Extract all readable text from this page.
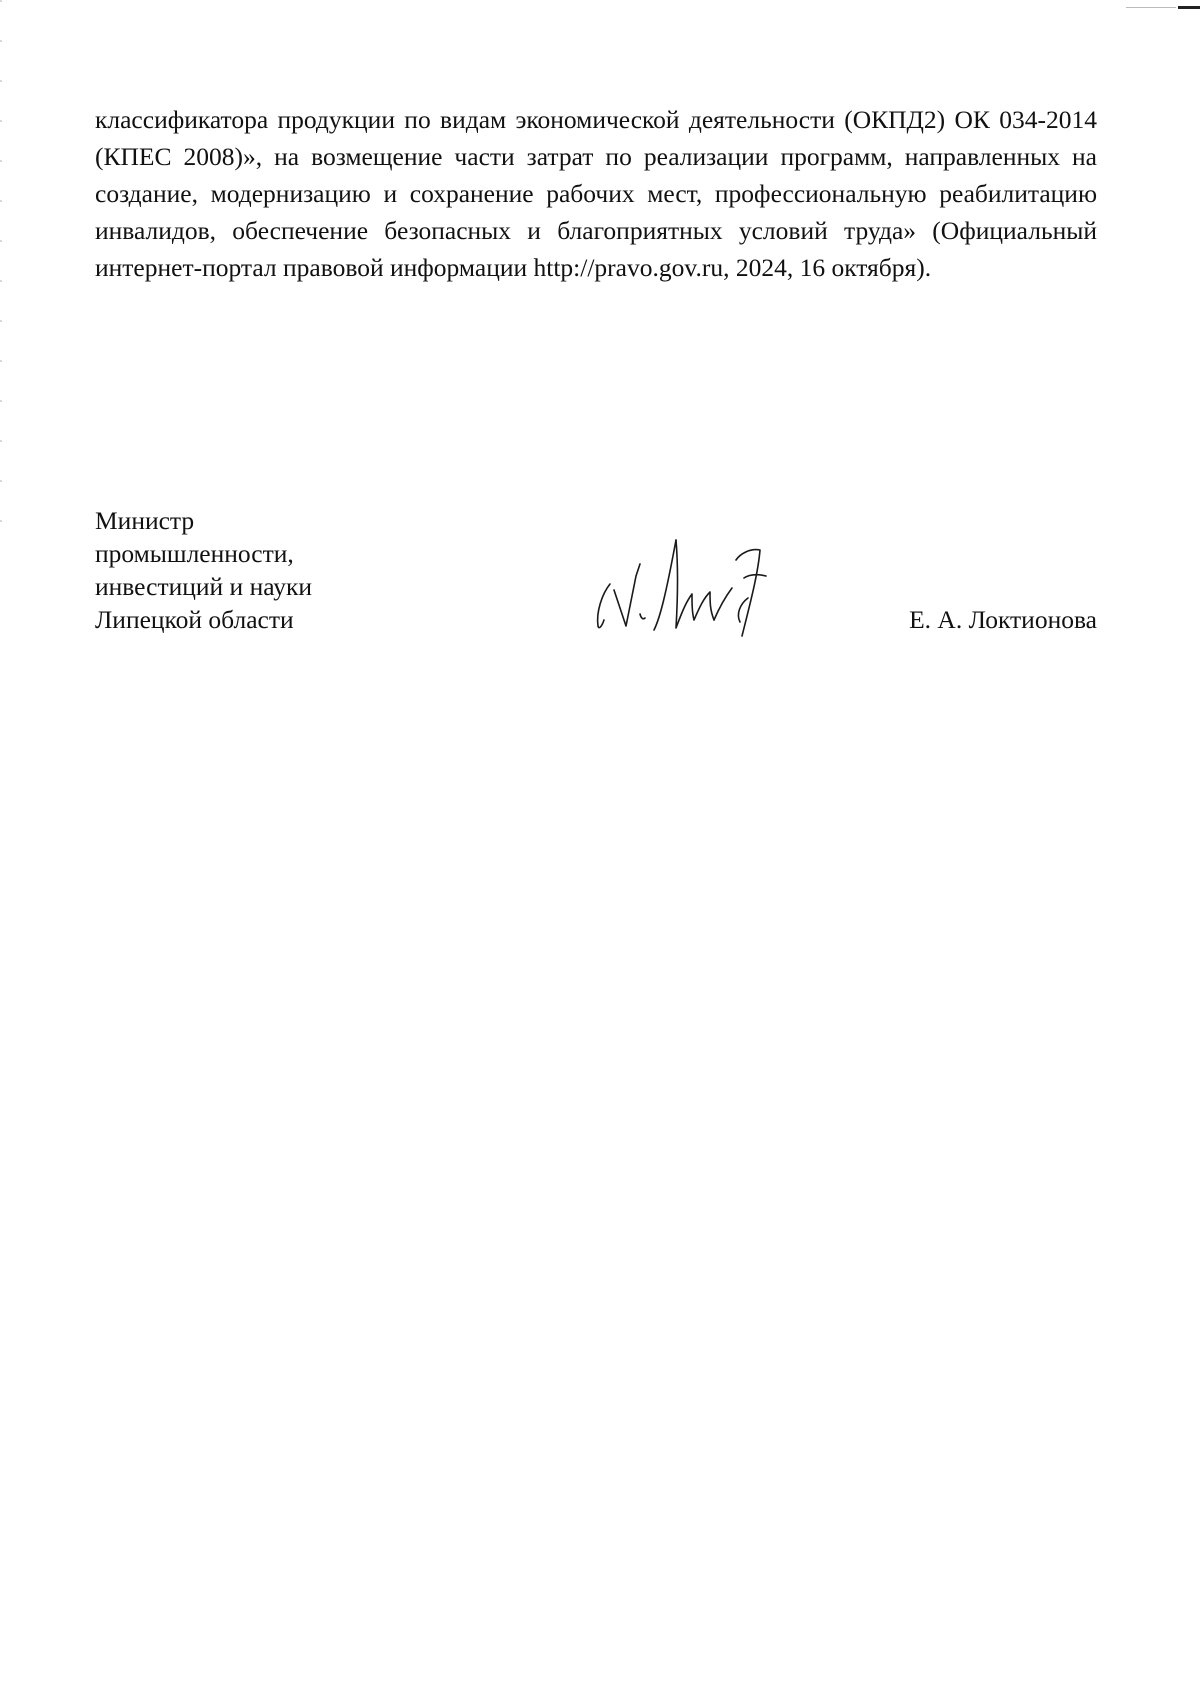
классификатора продукции по видам экономической деятельности (ОКПД2) ОК 034-2014 (КПЕС 2008)», на возмещение части затрат по реализации программ, направленных на создание, модернизацию и сохранение рабочих мест, профессиональную реабилитацию инвалидов, обеспечение безопасных и благоприятных условий труда» (Официальный интернет-портал правовой информации http://pravo.gov.ru, 2024, 16 октября).

Министр
промышленности,
инвестиций и науки
Липецкой области	Е. А. Локтионова
